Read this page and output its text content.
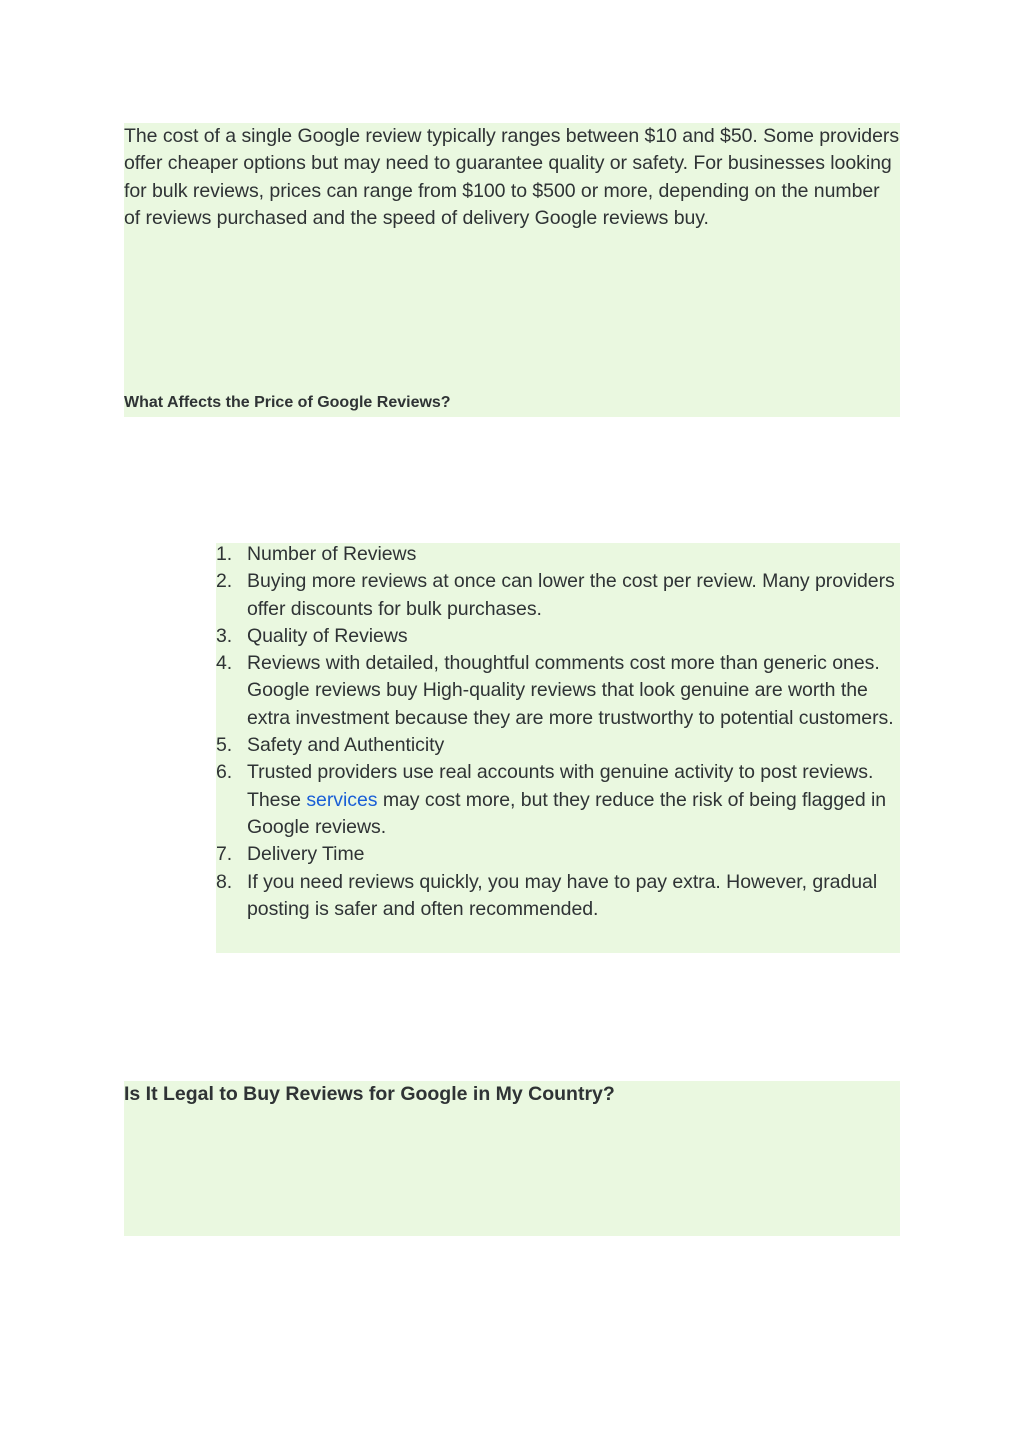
The cost of a single Google review typically ranges between $10 and $50. Some providers offer cheaper options but may need to guarantee quality or safety. For businesses looking for bulk reviews, prices can range from $100 to $500 or more, depending on the number of reviews purchased and the speed of delivery Google reviews buy.

What Affects the Price of Google Reviews?
1. Number of Reviews
2. Buying more reviews at once can lower the cost per review. Many providers offer discounts for bulk purchases.
3. Quality of Reviews
4. Reviews with detailed, thoughtful comments cost more than generic ones. Google reviews buy High-quality reviews that look genuine are worth the extra investment because they are more trustworthy to potential customers.
5. Safety and Authenticity
6. Trusted providers use real accounts with genuine activity to post reviews. These services may cost more, but they reduce the risk of being flagged in Google reviews.
7. Delivery Time
8. If you need reviews quickly, you may have to pay extra. However, gradual posting is safer and often recommended.
Is It Legal to Buy Reviews for Google in My Country?
